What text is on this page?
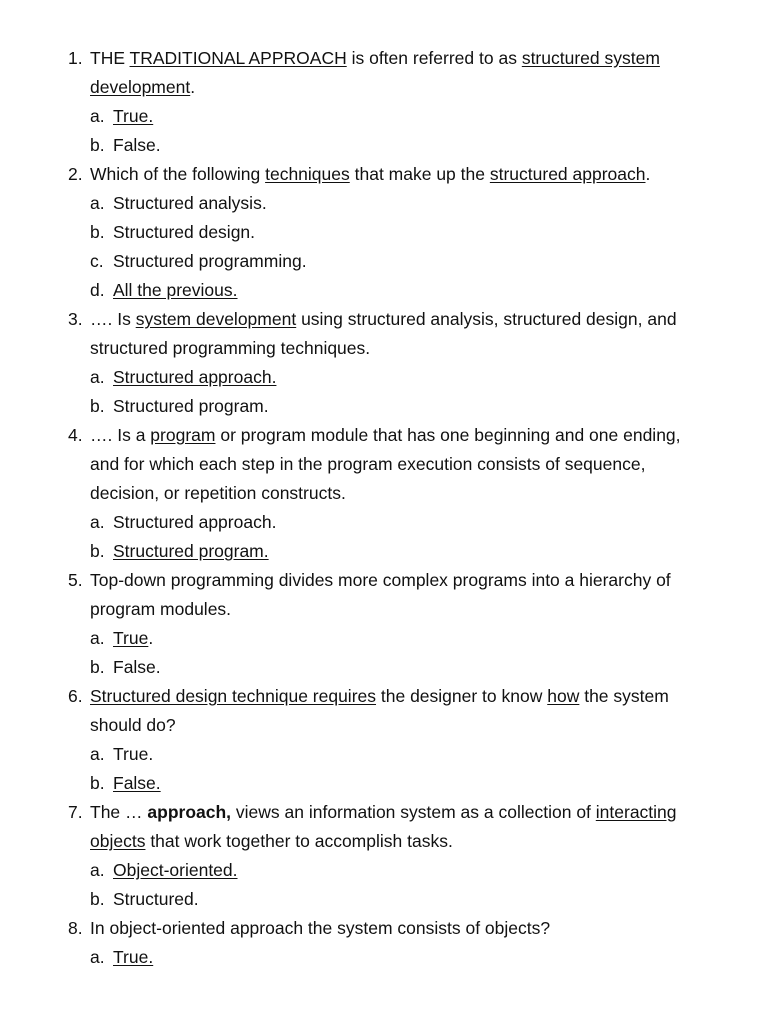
1. THE TRADITIONAL APPROACH is often referred to as structured system
development.
a. True.
b. False.
2. Which of the following techniques that make up the structured approach.
a. Structured analysis.
b. Structured design.
c. Structured programming.
d. All the previous.
3. …. Is system development using structured analysis, structured design, and
structured programming techniques.
a. Structured approach.
b. Structured program.
4. …. Is a program or program module that has one beginning and one ending,
and for which each step in the program execution consists of sequence,
decision, or repetition constructs.
a. Structured approach.
b. Structured program.
5. Top-down programming divides more complex programs into a hierarchy of
program modules.
a. True.
b. False.
6. Structured design technique requires the designer to know how the system
should do?
a. True.
b. False.
7. The … approach, views an information system as a collection of interacting
objects that work together to accomplish tasks.
a. Object-oriented.
b. Structured.
8. In object-oriented approach the system consists of objects?
a. True.
